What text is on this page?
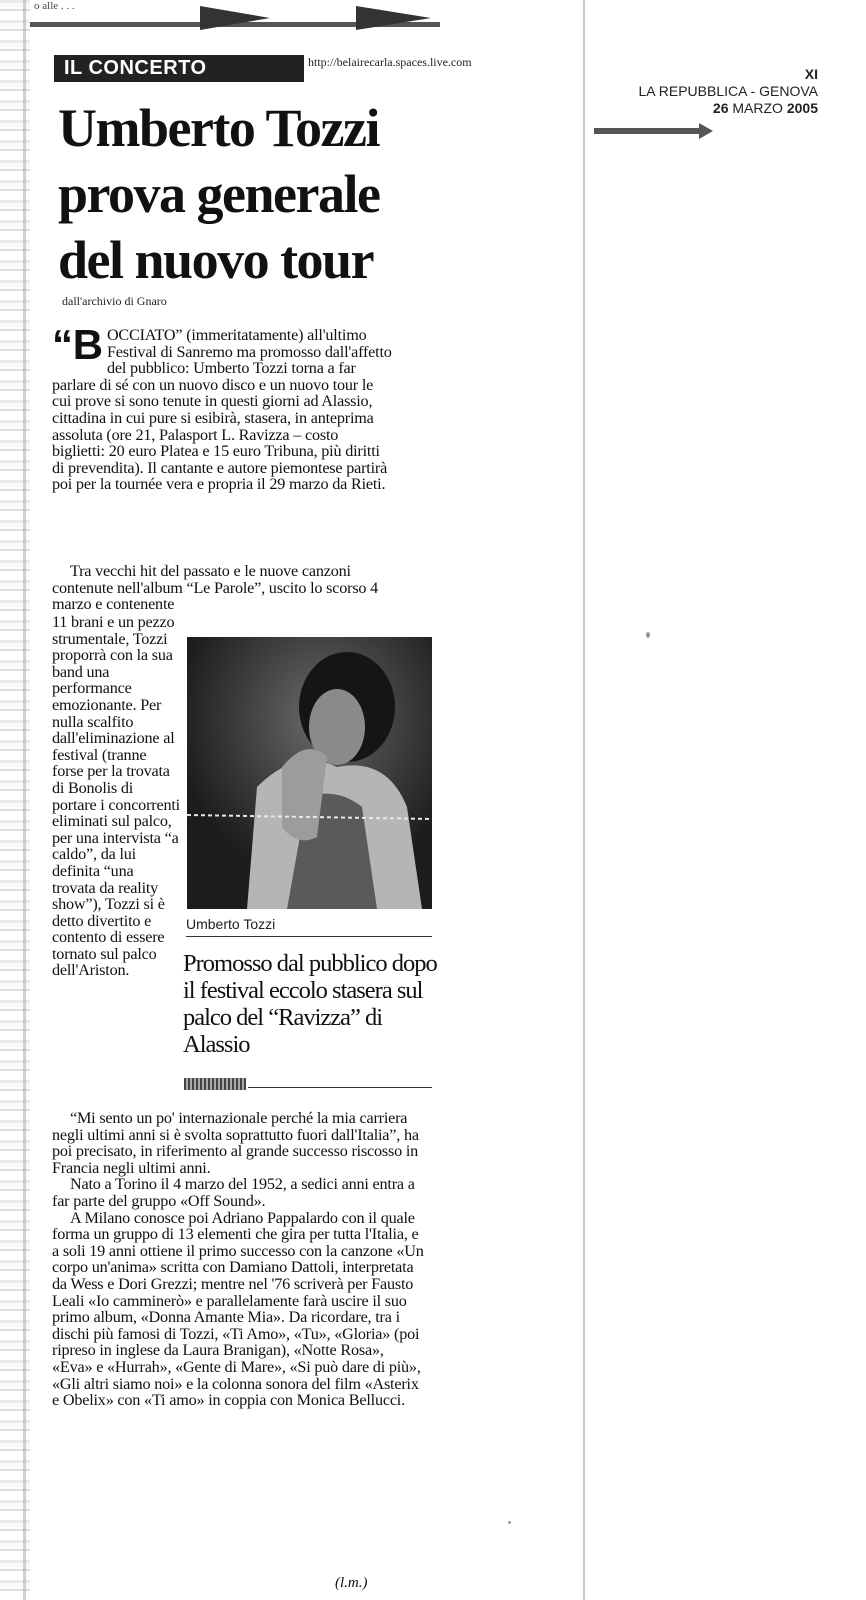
o alle . . .
IL CONCERTO	http://belairecarla.spaces.live.com
XI
LA REPUBBLICA - GENOVA
26 MARZO 2005
Umberto Tozzi
prova generale
del nuovo tour
dall'archivio di Gnaro
“B OCCIATO” (immeritatamente) all'ultimo Festival di Sanremo ma promosso dall'affetto del pubblico: Umberto Tozzi torna a far parlare di sé con un nuovo disco e un nuovo tour le cui prove si sono tenute in questi giorni ad Alassio, cittadina in cui pure si esibirà, stasera, in anteprima assoluta (ore 21, Palasport L. Ravizza – costo biglietti: 20 euro Platea e 15 euro Tribuna, più diritti di prevendita). Il cantante e autore piemontese partirà poi per la tournée vera e propria il 29 marzo da Rieti.
Tra vecchi hit del passato e le nuove canzoni contenute nell'album “Le Parole”, uscito lo scorso 4 marzo e contenente
11 brani e un pezzo strumentale, Tozzi proporrà con la sua band una performance emozionante. Per nulla scalfito dall'eliminazione al festival (tranne forse per la trovata di Bonolis di portare i concorrenti eliminati sul palco, per una intervista “a caldo”, da lui definita “una trovata da reality show”), Tozzi si è detto divertito e contento di essere tornato sul palco dell'Ariston.
Umberto Tozzi
Promosso dal pubblico dopo il festival eccolo stasera sul palco del “Ravizza” di Alassio

“Mi sento un po' internazionale perché la mia carriera negli ultimi anni si è svolta soprattutto fuori dall'Italia”, ha poi precisato, in riferimento al grande successo riscosso in Francia negli ultimi anni.

Nato a Torino il 4 marzo del 1952, a sedici anni entra a far parte del gruppo «Off Sound».

A Milano conosce poi Adriano Pappalardo con il quale forma un gruppo di 13 elementi che gira per tutta l'Italia, e a soli 19 anni ottiene il primo successo con la canzone «Un corpo un'anima» scritta con Damiano Dattoli, interpretata da Wess e Dori Grezzi; mentre nel '76 scriverà per Fausto Leali «Io camminerò» e parallelamente farà uscire il suo primo album, «Donna Amante Mia». Da ricordare, tra i dischi più famosi di Tozzi, «Ti Amo», «Tu», «Gloria» (poi ripreso in inglese da Laura Branigan), «Notte Rosa», «Eva» e «Hurrah», «Gente di Mare», «Si può dare di più», «Gli altri siamo noi» e la colonna sonora del film «Asterix e Obelix» con «Ti amo» in coppia con Monica Bellucci.

(l.m.)
